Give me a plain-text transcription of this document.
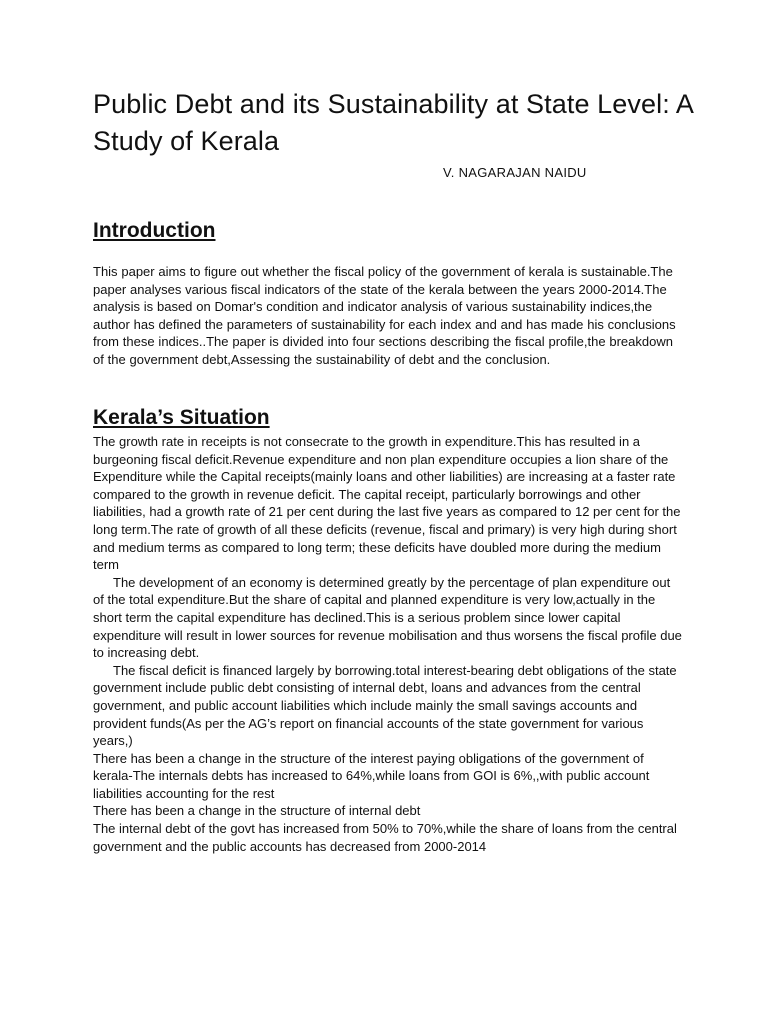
Public Debt and its Sustainability at State Level: A Study of Kerala
V. NAGARAJAN NAIDU
Introduction

This paper aims to figure out whether the fiscal policy of the government of kerala is sustainable.The paper analyses various fiscal indicators of the state of the kerala between the years 2000-2014.The analysis is based on Domar's condition and indicator analysis of various sustainability indices,the author has defined the parameters of sustainability for each index and and has made his conclusions from these indices..The paper is divided into four sections describing the fiscal profile,the breakdown of the government debt,Assessing the sustainability of debt and the conclusion.

Kerala’s Situation

The growth rate in receipts is not consecrate to the growth in expenditure.This has resulted in a burgeoning fiscal deficit.Revenue expenditure and non plan expenditure occupies a lion share of the Expenditure while the Capital receipts(mainly loans and other liabilities) are increasing at a faster rate compared to the growth in revenue deficit. The capital receipt, particularly borrowings and other liabilities, had a growth rate of 21 per cent during the last five years as compared to 12 per cent for the long term.The rate of growth of all these deficits (revenue, fiscal and primary) is very high during short and medium terms as compared to long term; these deficits have doubled more during the medium term

The development of an economy is determined greatly by the percentage of plan expenditure out of the total expenditure.But the share of capital and planned expenditure is very low,actually in the short term the capital expenditure has declined.This is a serious problem since lower capital expenditure will result in lower sources for revenue mobilisation and thus worsens the fiscal profile due to increasing debt.

The fiscal deficit is financed largely by borrowing.total interest-bearing debt obligations of the state government include public debt consisting of internal debt, loans and advances from the central government, and public account liabilities which include mainly the small savings accounts and provident funds(As per the AG’s report on financial accounts of the state government for various years,)

There has been a change in the structure of the interest paying obligations of the government of kerala-The internals debts has increased to 64%,while loans from GOI is 6%,,with public account liabilities accounting for the rest

There has been a change in the structure of internal debt

The internal debt of the govt has increased from 50% to 70%,while the share of loans from the central government and the public accounts has decreased from 2000-2014
